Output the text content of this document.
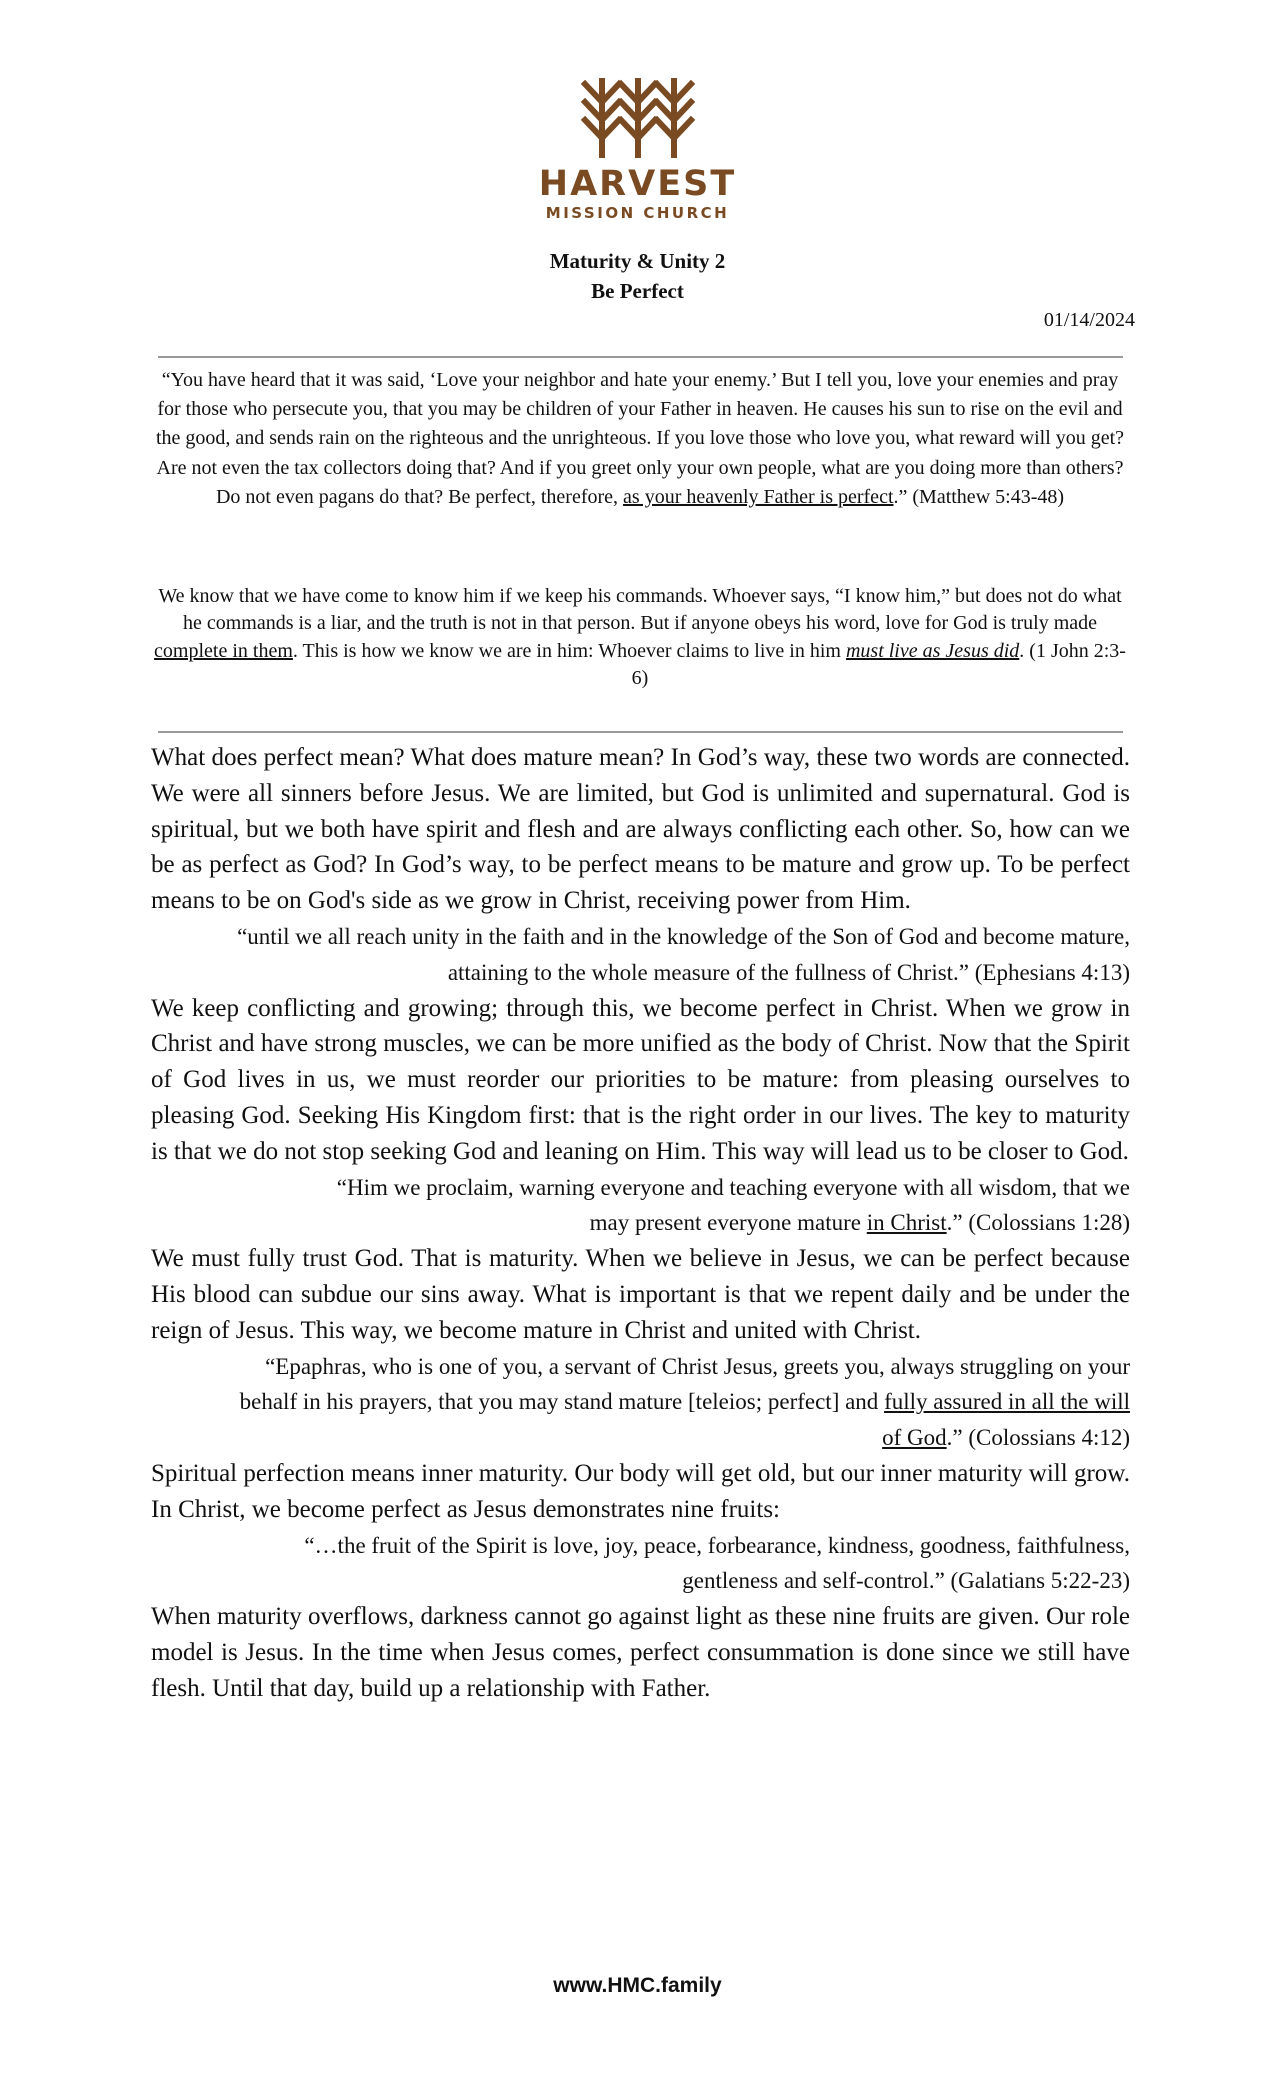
HARVEST
MISSION CHURCH
Maturity & Unity 2
Be Perfect
01/14/2024
“You have heard that it was said, ‘Love your neighbor and hate your enemy.’ But I tell you, love your enemies and pray for those who persecute you, that you may be children of your Father in heaven. He causes his sun to rise on the evil and the good, and sends rain on the righteous and the unrighteous. If you love those who love you, what reward will you get? Are not even the tax collectors doing that? And if you greet only your own people, what are you doing more than others? Do not even pagans do that? Be perfect, therefore, as your heavenly Father is perfect.” (Matthew 5:43-48)
We know that we have come to know him if we keep his commands. Whoever says, “I know him,” but does not do what he commands is a liar, and the truth is not in that person. But if anyone obeys his word, love for God is truly made complete in them. This is how we know we are in him: Whoever claims to live in him must live as Jesus did. (1 John 2:3-6)

What does perfect mean? What does mature mean? In God’s way, these two words are connected. We were all sinners before Jesus. We are limited, but God is unlimited and supernatural. God is spiritual, but we both have spirit and flesh and are always conflicting each other. So, how can we be as perfect as God? In God’s way, to be perfect means to be mature and grow up. To be perfect means to be on God's side as we grow in Christ, receiving power from Him.

“until we all reach unity in the faith and in the knowledge of the Son of God and become mature,
attaining to the whole measure of the fullness of Christ.” (Ephesians 4:13)

We keep conflicting and growing; through this, we become perfect in Christ. When we grow in Christ and have strong muscles, we can be more unified as the body of Christ. Now that the Spirit of God lives in us, we must reorder our priorities to be mature: from pleasing ourselves to pleasing God. Seeking His Kingdom first: that is the right order in our lives. The key to maturity is that we do not stop seeking God and leaning on Him. This way will lead us to be closer to God.

“Him we proclaim, warning everyone and teaching everyone with all wisdom, that we
may present everyone mature in Christ.” (Colossians 1:28)

We must fully trust God. That is maturity. When we believe in Jesus, we can be perfect because His blood can subdue our sins away. What is important is that we repent daily and be under the reign of Jesus. This way, we become mature in Christ and united with Christ.

“Epaphras, who is one of you, a servant of Christ Jesus, greets you, always struggling on your
behalf in his prayers, that you may stand mature [teleios; perfect] and fully assured in all the will
of God.” (Colossians 4:12)

Spiritual perfection means inner maturity. Our body will get old, but our inner maturity will grow. In Christ, we become perfect as Jesus demonstrates nine fruits:

“…the fruit of the Spirit is love, joy, peace, forbearance, kindness, goodness, faithfulness,
gentleness and self-control.” (Galatians 5:22-23)

When maturity overflows, darkness cannot go against light as these nine fruits are given. Our role model is Jesus. In the time when Jesus comes, perfect consummation is done since we still have flesh. Until that day, build up a relationship with Father.

www.HMC.family
